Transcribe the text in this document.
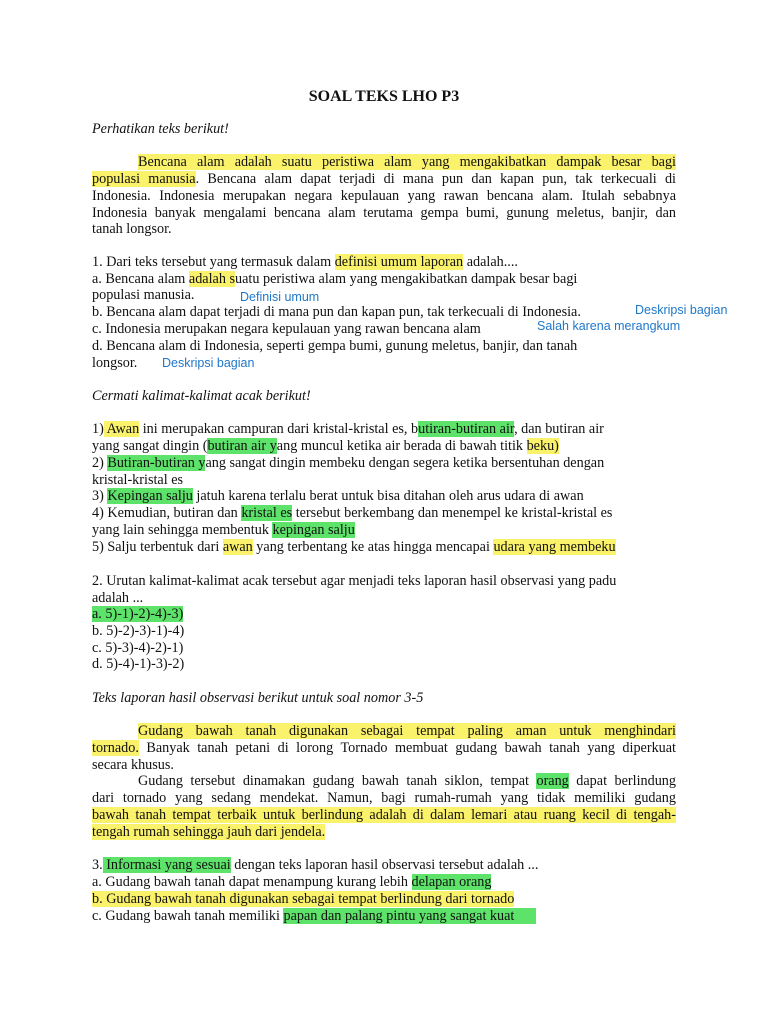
SOAL TEKS LHO P3
Perhatikan teks berikut!
Bencana alam adalah suatu peristiwa alam yang mengakibatkan dampak besar bagi
populasi manusia. Bencana alam dapat terjadi di mana pun dan kapan pun, tak terkecuali di
Indonesia. Indonesia merupakan negara kepulauan yang rawan bencana alam. Itulah sebabnya
Indonesia banyak mengalami bencana alam terutama gempa bumi, gunung meletus, banjir, dan
tanah longsor.
1. Dari teks tersebut yang termasuk dalam definisi umum laporan adalah....
a. Bencana alam adalah suatu peristiwa alam yang mengakibatkan dampak besar bagi
populasi manusia.	Definisi umum
b. Bencana alam dapat terjadi di mana pun dan kapan pun, tak terkecuali di Indonesia.	Deskripsi bagian
c. Indonesia merupakan negara kepulauan yang rawan bencana alam	Salah karena merangkum
d. Bencana alam di Indonesia, seperti gempa bumi, gunung meletus, banjir, dan tanah
longsor. Deskripsi bagian
Cermati kalimat-kalimat acak berikut!
1) Awan ini merupakan campuran dari kristal-kristal es, butiran-butiran air, dan butiran air
yang sangat dingin (butiran air yang muncul ketika air berada di bawah titik beku)
2) Butiran-butiran yang sangat dingin membeku dengan segera ketika bersentuhan dengan
kristal-kristal es
3) Kepingan salju jatuh karena terlalu berat untuk bisa ditahan oleh arus udara di awan
4) Kemudian, butiran dan kristal es tersebut berkembang dan menempel ke kristal-kristal es
yang lain sehingga membentuk kepingan salju
5) Salju terbentuk dari awan yang terbentang ke atas hingga mencapai udara yang membeku
2. Urutan kalimat-kalimat acak tersebut agar menjadi teks laporan hasil observasi yang padu
adalah ...
a. 5)-1)-2)-4)-3)
b. 5)-2)-3)-1)-4)
c. 5)-3)-4)-2)-1)
d. 5)-4)-1)-3)-2)
Teks laporan hasil observasi berikut untuk soal nomor 3-5
Gudang bawah tanah digunakan sebagai tempat paling aman untuk menghindari
tornado. Banyak tanah petani di lorong Tornado membuat gudang bawah tanah yang diperkuat
secara khusus.
Gudang tersebut dinamakan gudang bawah tanah siklon, tempat orang dapat berlindung
dari tornado yang sedang mendekat. Namun, bagi rumah-rumah yang tidak memiliki gudang
bawah tanah tempat terbaik untuk berlindung adalah di dalam lemari atau ruang kecil di tengah-
tengah rumah sehingga jauh dari jendela.
3. Informasi yang sesuai dengan teks laporan hasil observasi tersebut adalah ...
a. Gudang bawah tanah dapat menampung kurang lebih delapan orang
b. Gudang bawah tanah digunakan sebagai tempat berlindung dari tornado
c. Gudang bawah tanah memiliki papan dan palang pintu yang sangat kuat
